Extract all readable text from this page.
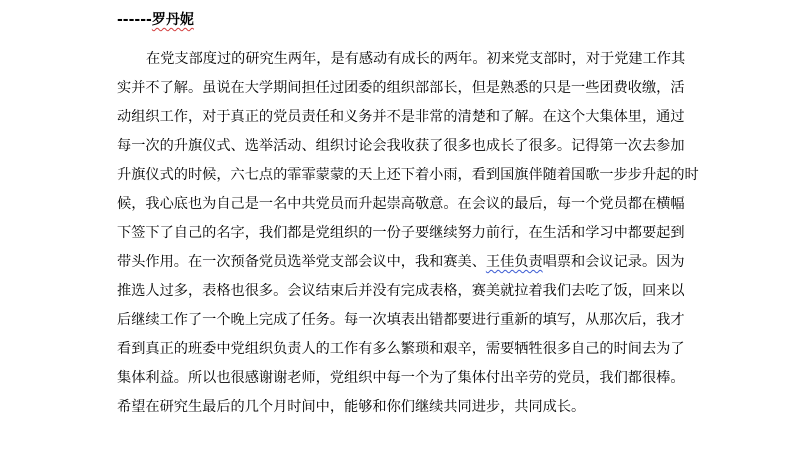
------罗丹妮
在党支部度过的研究生两年，是有感动有成长的两年。初来党支部时，对于党建工作其
实并不了解。虽说在大学期间担任过团委的组织部部长，但是熟悉的只是一些团费收缴，活
动组织工作，对于真正的党员责任和义务并不是非常的清楚和了解。在这个大集体里，通过
每一次的升旗仪式、选举活动、组织讨论会我收获了很多也成长了很多。记得第一次去参加
升旗仪式的时候，六七点的霏霏蒙蒙的天上还下着小雨，看到国旗伴随着国歌一步步升起的时
候，我心底也为自己是一名中共党员而升起崇高敬意。在会议的最后，每一个党员都在横幅
下签下了自己的名字，我们都是党组织的一份子要继续努力前行，在生活和学习中都要起到
带头作用。在一次预备党员选举党支部会议中，我和赛美、王佳负责唱票和会议记录。因为
推选人过多，表格也很多。会议结束后并没有完成表格，赛美就拉着我们去吃了饭，回来以
后继续工作了一个晚上完成了任务。每一次填表出错都要进行重新的填写，从那次后，我才
看到真正的班委中党组织负责人的工作有多么繁琐和艰辛，需要牺牲很多自己的时间去为了
集体利益。所以也很感谢谢老师，党组织中每一个为了集体付出辛劳的党员，我们都很棒。
希望在研究生最后的几个月时间中，能够和你们继续共同进步，共同成长。
